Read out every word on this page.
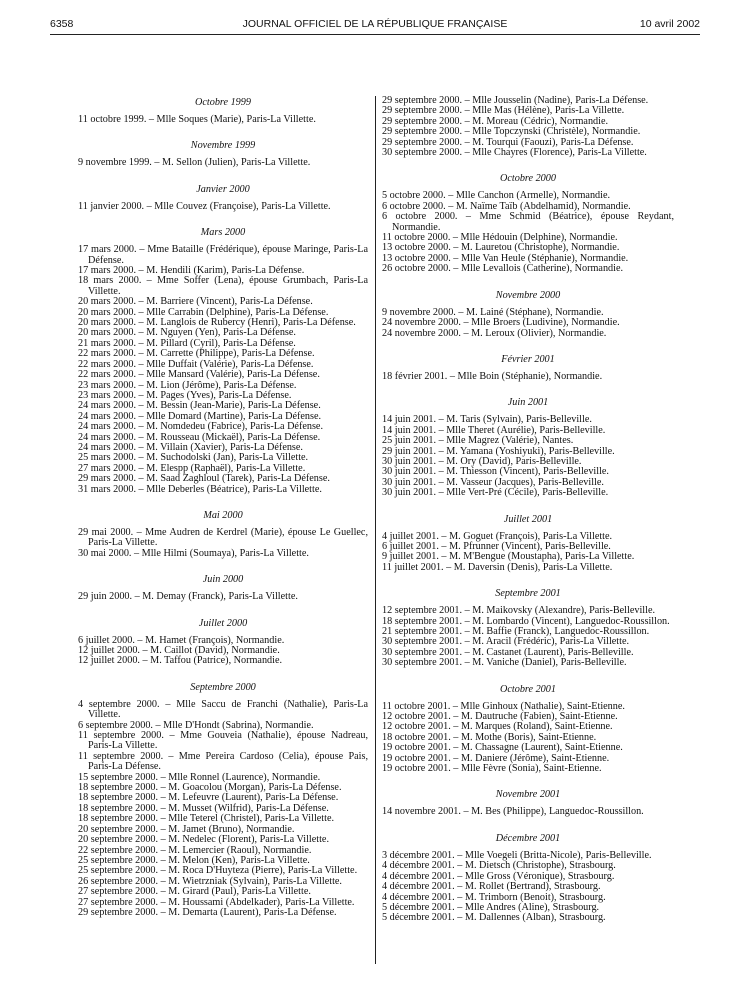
6358	JOURNAL OFFICIEL DE LA RÉPUBLIQUE FRANÇAISE	10 avril 2002
Octobre 1999

11 octobre 1999. – Mlle Soques (Marie), Paris-La Villette.

Novembre 1999

9 novembre 1999. – M. Sellon (Julien), Paris-La Villette.

Janvier 2000

11 janvier 2000. – Mlle Couvez (Françoise), Paris-La Villette.

Mars 2000

17 mars 2000. – Mme Bataille (Frédérique), épouse Maringe, Paris-La Défense.

17 mars 2000. – M. Hendili (Karim), Paris-La Défense.

18 mars 2000. – Mme Soffer (Lena), épouse Grumbach, Paris-La Villette.

20 mars 2000. – M. Barriere (Vincent), Paris-La Défense.

20 mars 2000. – Mlle Carrabin (Delphine), Paris-La Défense.

20 mars 2000. – M. Langlois de Rubercy (Henri), Paris-La Défense.

20 mars 2000. – M. Nguyen (Yen), Paris-La Défense.

21 mars 2000. – M. Pillard (Cyril), Paris-La Défense.

22 mars 2000. – M. Carrette (Philippe), Paris-La Défense.

22 mars 2000. – Mlle Duffait (Valérie), Paris-La Défense.

22 mars 2000. – Mlle Mansard (Valérie), Paris-La Défense.

23 mars 2000. – M. Lion (Jérôme), Paris-La Défense.

23 mars 2000. – M. Pages (Yves), Paris-La Défense.

24 mars 2000. – M. Bessin (Jean-Marie), Paris-La Défense.

24 mars 2000. – Mlle Domard (Martine), Paris-La Défense.

24 mars 2000. – M. Nomdedeu (Fabrice), Paris-La Défense.

24 mars 2000. – M. Rousseau (Mickaël), Paris-La Défense.

24 mars 2000. – M. Villain (Xavier), Paris-La Défense.

25 mars 2000. – M. Suchodolski (Jan), Paris-La Villette.

27 mars 2000. – M. Elespp (Raphaël), Paris-La Villette.

29 mars 2000. – M. Saad Zaghloul (Tarek), Paris-La Défense.

31 mars 2000. – Mlle Deberles (Béatrice), Paris-La Villette.

Mai 2000

29 mai 2000. – Mme Audren de Kerdrel (Marie), épouse Le Guellec, Paris-La Villette.

30 mai 2000. – Mlle Hilmi (Soumaya), Paris-La Villette.

Juin 2000

29 juin 2000. – M. Demay (Franck), Paris-La Villette.

Juillet 2000

6 juillet 2000. – M. Hamet (François), Normandie.

12 juillet 2000. – M. Caillot (David), Normandie.

12 juillet 2000. – M. Taffou (Patrice), Normandie.

Septembre 2000

4 septembre 2000. – Mlle Saccu de Franchi (Nathalie), Paris-La Villette.

6 septembre 2000. – Mlle D'Hondt (Sabrina), Normandie.

11 septembre 2000. – Mme Gouveia (Nathalie), épouse Nadreau, Paris-La Villette.

11 septembre 2000. – Mme Pereira Cardoso (Celia), épouse Pais, Paris-La Défense.

15 septembre 2000. – Mlle Ronnel (Laurence), Normandie.

18 septembre 2000. – M. Goacolou (Morgan), Paris-La Défense.

18 septembre 2000. – M. Lefeuvre (Laurent), Paris-La Défense.

18 septembre 2000. – M. Musset (Wilfrid), Paris-La Défense.

18 septembre 2000. – Mlle Teterel (Christel), Paris-La Villette.

20 septembre 2000. – M. Jamet (Bruno), Normandie.

20 septembre 2000. – M. Nedelec (Florent), Paris-La Villette.

22 septembre 2000. – M. Lemercier (Raoul), Normandie.

25 septembre 2000. – M. Melon (Ken), Paris-La Villette.

25 septembre 2000. – M. Roca D'Huyteza (Pierre), Paris-La Villette.

26 septembre 2000. – M. Wietrzniak (Sylvain), Paris-La Villette.

27 septembre 2000. – M. Girard (Paul), Paris-La Villette.

27 septembre 2000. – M. Houssami (Abdelkader), Paris-La Villette.

29 septembre 2000. – M. Demarta (Laurent), Paris-La Défense.

29 septembre 2000. – Mlle Jousselin (Nadine), Paris-La Défense.

29 septembre 2000. – Mlle Mas (Hélène), Paris-La Villette.

29 septembre 2000. – M. Moreau (Cédric), Normandie.

29 septembre 2000. – Mlle Topczynski (Christèle), Normandie.

29 septembre 2000. – M. Tourqui (Faouzi), Paris-La Défense.

30 septembre 2000. – Mlle Chayres (Florence), Paris-La Villette.

Octobre 2000

5 octobre 2000. – Mlle Canchon (Armelle), Normandie.

6 octobre 2000. – M. Naïme Taïb (Abdelhamid), Normandie.

6 octobre 2000. – Mme Schmid (Béatrice), épouse Reydant, Normandie.

11 octobre 2000. – Mlle Hédouin (Delphine), Normandie.

13 octobre 2000. – M. Lauretou (Christophe), Normandie.

13 octobre 2000. – Mlle Van Heule (Stéphanie), Normandie.

26 octobre 2000. – Mlle Levallois (Catherine), Normandie.

Novembre 2000

9 novembre 2000. – M. Lainé (Stéphane), Normandie.

24 novembre 2000. – Mlle Broers (Ludivine), Normandie.

24 novembre 2000. – M. Leroux (Olivier), Normandie.

Février 2001

18 février 2001. – Mlle Boin (Stéphanie), Normandie.

Juin 2001

14 juin 2001. – M. Taris (Sylvain), Paris-Belleville.

14 juin 2001. – Mlle Theret (Aurélie), Paris-Belleville.

25 juin 2001. – Mlle Magrez (Valérie), Nantes.

29 juin 2001. – M. Yamana (Yoshiyuki), Paris-Belleville.

30 juin 2001. – M. Ory (David), Paris-Belleville.

30 juin 2001. – M. Thiesson (Vincent), Paris-Belleville.

30 juin 2001. – M. Vasseur (Jacques), Paris-Belleville.

30 juin 2001. – Mlle Vert-Pré (Cécile), Paris-Belleville.

Juillet 2001

4 juillet 2001. – M. Goguet (François), Paris-La Villette.

6 juillet 2001. – M. Pfrunner (Vincent), Paris-Belleville.

9 juillet 2001. – M. M'Bengue (Moustapha), Paris-La Villette.

11 juillet 2001. – M. Daversin (Denis), Paris-La Villette.

Septembre 2001

12 septembre 2001. – M. Maikovsky (Alexandre), Paris-Belleville.

18 septembre 2001. – M. Lombardo (Vincent), Languedoc-Roussillon.

21 septembre 2001. – M. Baffie (Franck), Languedoc-Roussillon.

30 septembre 2001. – M. Aracil (Frédéric), Paris-La Villette.

30 septembre 2001. – M. Castanet (Laurent), Paris-Belleville.

30 septembre 2001. – M. Vaniche (Daniel), Paris-Belleville.

Octobre 2001

11 octobre 2001. – Mlle Ginhoux (Nathalie), Saint-Etienne.

12 octobre 2001. – M. Dautruche (Fabien), Saint-Etienne.

12 octobre 2001. – M. Marques (Roland), Saint-Etienne.

18 octobre 2001. – M. Mothe (Boris), Saint-Etienne.

19 octobre 2001. – M. Chassagne (Laurent), Saint-Etienne.

19 octobre 2001. – M. Daniere (Jérôme), Saint-Etienne.

19 octobre 2001. – Mlle Fèvre (Sonia), Saint-Etienne.

Novembre 2001

14 novembre 2001. – M. Bes (Philippe), Languedoc-Roussillon.

Décembre 2001

3 décembre 2001. – Mlle Voegeli (Britta-Nicole), Paris-Belleville.

4 décembre 2001. – M. Dietsch (Christophe), Strasbourg.

4 décembre 2001. – Mlle Gross (Véronique), Strasbourg.

4 décembre 2001. – M. Rollet (Bertrand), Strasbourg.

4 décembre 2001. – M. Trimborn (Benoit), Strasbourg.

5 décembre 2001. – Mlle Andres (Aline), Strasbourg.

5 décembre 2001. – M. Dallennes (Alban), Strasbourg.
